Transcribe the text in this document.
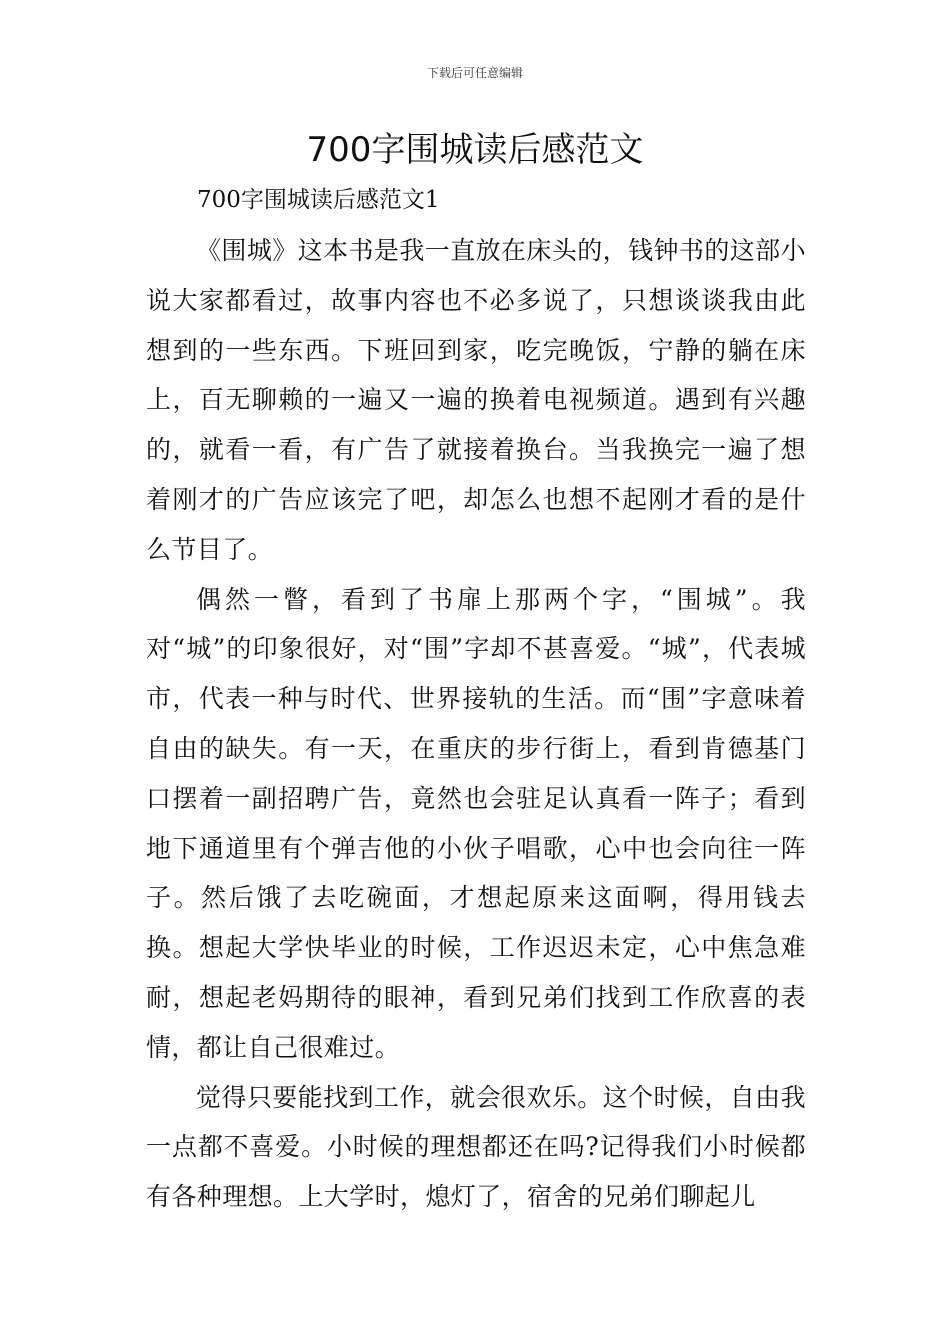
下载后可任意编辑
700字围城读后感范文
700字围城读后感范文1

《围城》这本书是我一直放在床头的，钱钟书的这部小说大家都看过，故事内容也不必多说了，只想谈谈我由此想到的一些东西。下班回到家，吃完晚饭，宁静的躺在床上，百无聊赖的一遍又一遍的换着电视频道。遇到有兴趣的，就看一看，有广告了就接着换台。当我换完一遍了想着刚才的广告应该完了吧，却怎么也想不起刚才看的是什么节目了。

偶然一瞥，看到了书扉上那两个字，“围城”。我对“城”的印象很好，对“围”字却不甚喜爱。“城”，代表城市，代表一种与时代、世界接轨的生活。而“围”字意味着自由的缺失。有一天，在重庆的步行街上，看到肯德基门口摆着一副招聘广告，竟然也会驻足认真看一阵子；看到地下通道里有个弹吉他的小伙子唱歌，心中也会向往一阵子。然后饿了去吃碗面，才想起原来这面啊，得用钱去换。想起大学快毕业的时候，工作迟迟未定，心中焦急难耐，想起老妈期待的眼神，看到兄弟们找到工作欣喜的表情，都让自己很难过。

觉得只要能找到工作，就会很欢乐。这个时候，自由我一点都不喜爱。小时候的理想都还在吗?记得我们小时候都有各种理想。上大学时，熄灯了，宿舍的兄弟们聊起儿
